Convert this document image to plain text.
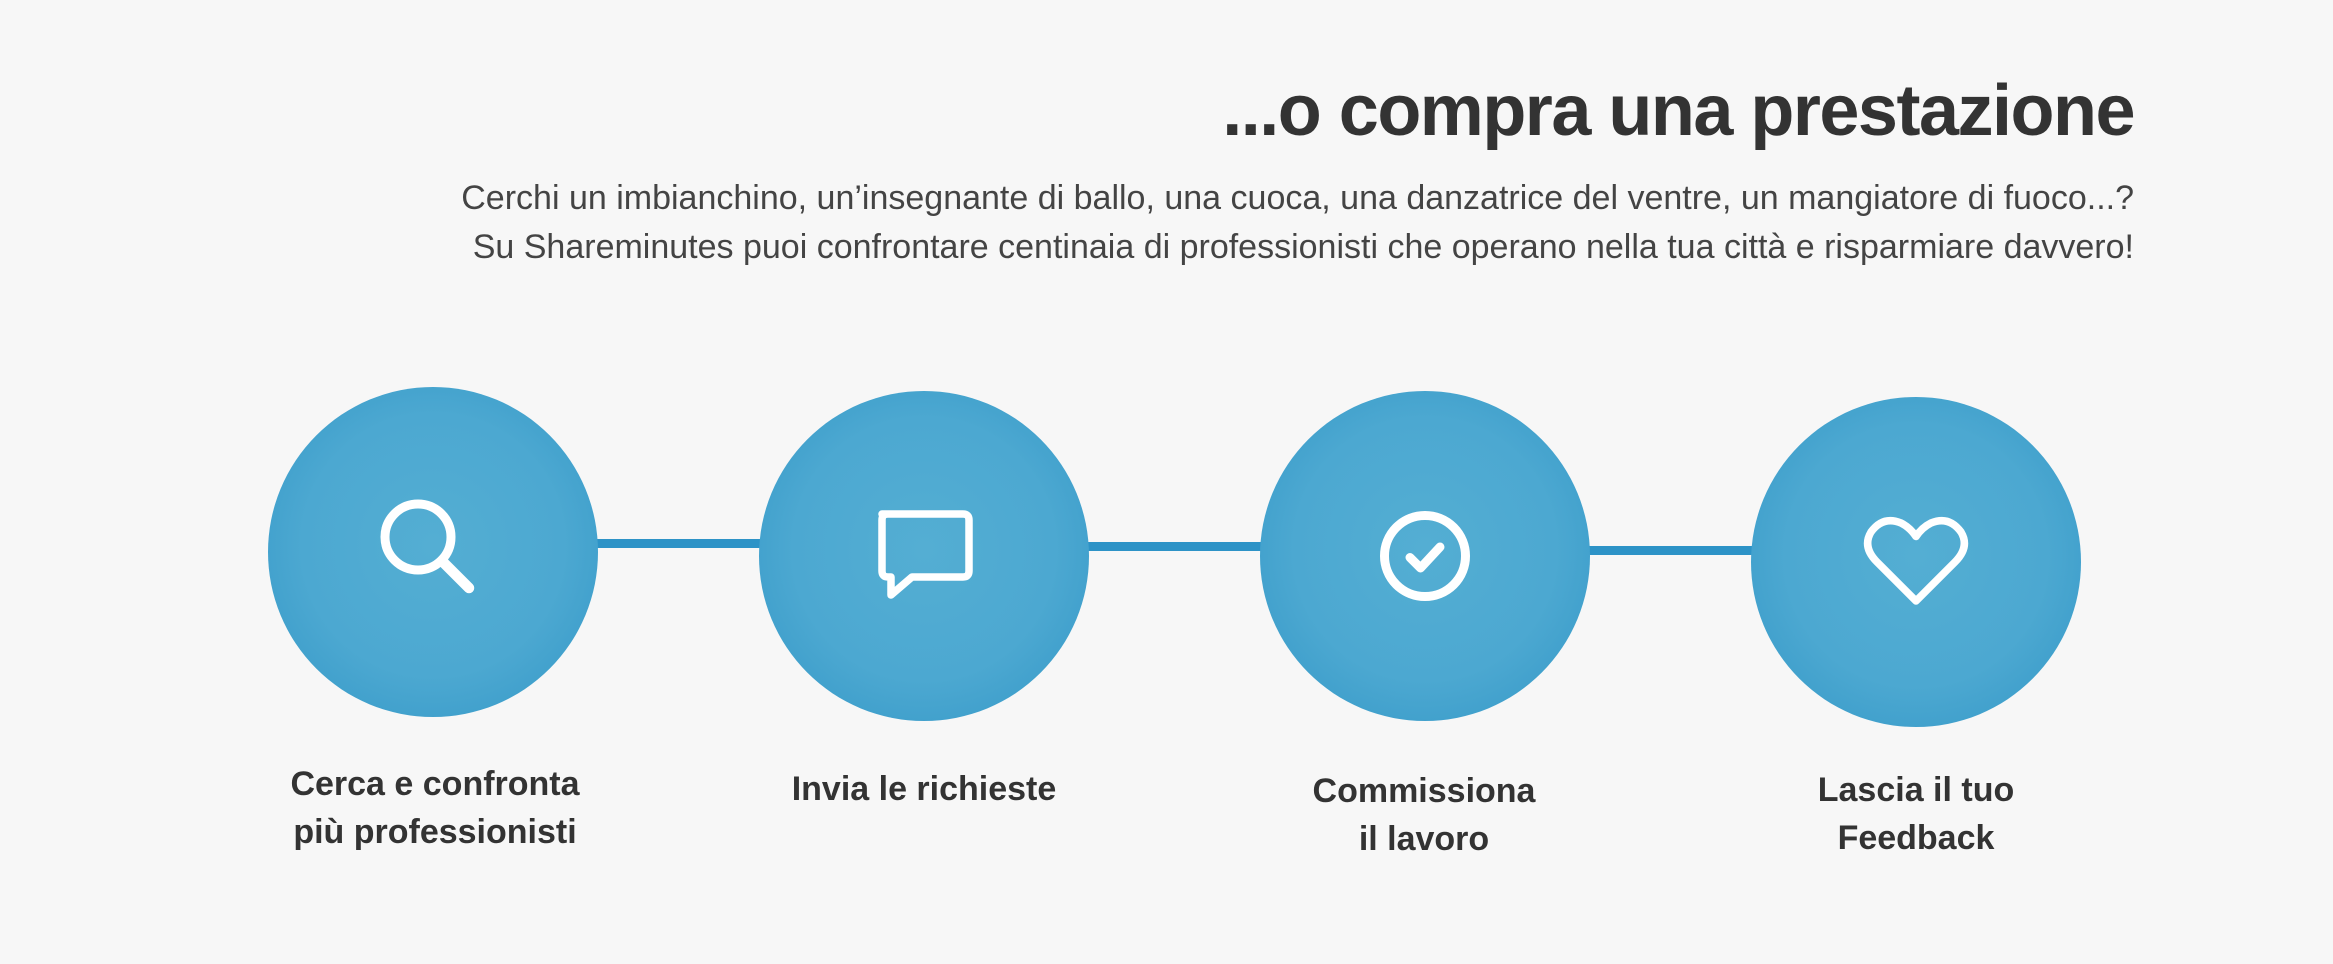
...o compra una prestazione
Cerchi un imbianchino, un’insegnante di ballo, una cuoca, una danzatrice del ventre, un mangiatore di fuoco...?
Su Shareminutes puoi confrontare centinaia di professionisti che operano nella tua città e risparmiare davvero!
Cerca e confronta
più professionisti
Invia le richieste	Commissiona
il lavoro
Lascia il tuo
Feedback
